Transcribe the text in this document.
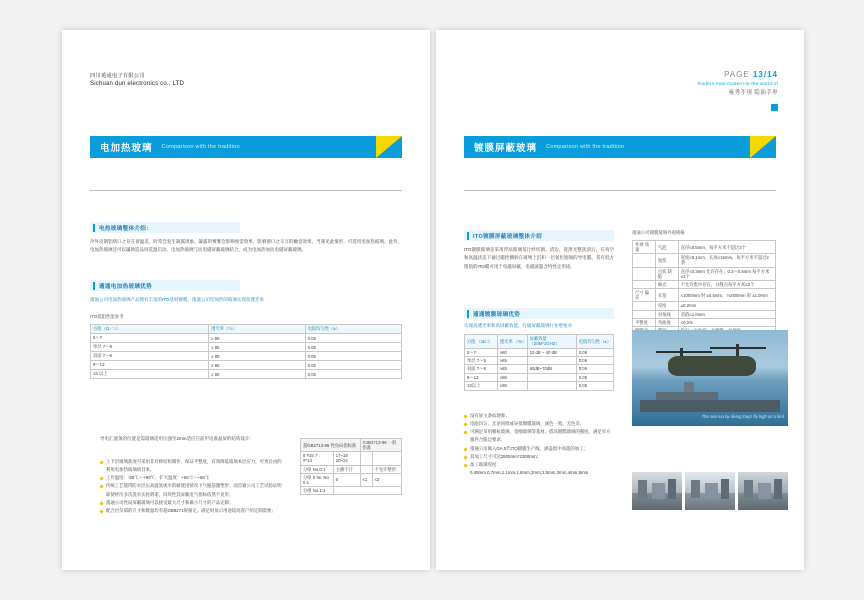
四川遁通电子有限公司
Sichuan dun electronics co., LTD
电加热玻璃 Comparison with the tradition
电热玻璃整体介绍：
冷外皮钢铝熔口之存在着温差，时常会发生凝露现象。凝露的雾雾会影响视觉效果，影响窗口之交互的触觉效果，当遇见此情形，可选用电加热玻璃。此外，电加热玻璃还可以辅助造品屏花温启动。电加热玻璃与抗电磁屏蔽玻璃结合，成为电加热加抗电磁屏蔽玻璃。
遁通电加热玻璃优势
遁通公司电加热玻璃产品拥有丰富的ITO基材镀膜。遁通公司电加热的玻璃实现高透光率
ITO低阻性能参考
方阻（Ω／□）	透光率（％）	电阻均匀性（±）
5～7	≥ 85	0.05
单层 7～9	≥ 85	0.05
双面 7～9	≥ 85	0.05
9～13	≥ 86	0.05
13 以上	≥ 86	0.05
导电汇流条的位置是需玻璃适用压强至2mm适应目前甲边准晶屏的结构设计：
上下层玻璃准度可采用非对称结构制作，保证平整度，有效降低玻璃本层应力，可更自由的利用电加热玻璃项目率。
工作温度：-55℃～+90℃；扩大温度：+55℃～+90℃
传统工艺使得防水层压高温度或水的耐使用情况下气瓶前题塑形；而首通公司工艺试验证明即使经历多次洗水实验谐诺，同块性其屏蔽电气指标依然不显形；
遁通公司性局屏蔽玻璃可以接受最大尺寸和做小尺寸的产品定制；
配合层杂部的尺寸和数量均有超GB8271规相定。满足时显示用途较高客户的定制需要；
超GB2713-96 性角局指标准		GJB2713-96 一般指准	
8 #15 7 ．#*13	17~19 20~24		
分组 No.0:1	主播不计		不允许整形
分组 0 №: No 0.1	0	≤1	≤2
分组 No.1:3			
PAGE 13/14
modern-mas-modern-in-the-world-of
雍秀不现 隐油手形
镀膜屏蔽玻璃 Comparison with the tradition
ITO镀膜屏蔽玻璃整体介绍
ITO镀膜玻璃是采用浮法玻璃基片经切割、清边、洗涤光整洗清后，在真空和高温状态下通过磁控溅射在玻璃上沉积一层氧化铟锡的导电膜。其有低方阻值的ITO膜可用于电磁屏蔽，电磁波隐含特性定用途。
遁通公司镀膜玻璃外观规格
外观 质量	气泡	直径≤0.5mm，每平方米不超过3个
	划伤	宽度≤0.1mm，长度≤15mm，每平方米不超过2条
	点状 缺陷	直径≤0.3mm 允许存在；0.3～0.5mm 每平方米≤2个
	麻点	不允许集中存在，分散点每平方米≤3个
尺寸 偏差	长宽	≤1000mm 时 ±0.5mm；>1000mm 时 ±1.0mm
	厚度	±0.2mm
	对角线	差值≤1.0mm
平整度	弯曲度	≤0.2%

遁通镀膜玻璃优势
实现高透光率和高屏蔽效能，打破屏蔽玻璃行业壁垒对
方阻 （Ω/□）	透光率 （%）	屏蔽效能 （20M*1GHZ）	电阻均匀性（±）
5～7	≥80	10 dB ~ 40 dB	0.05
单层 7～9	≥85		0.05
双面 7～9	≥85	60dB~70dB	0.05
9～13	≥86		0.05
13以上	≥86		0.05
没有屏主条纹现象；
电阻均匀、无论同批或异批镀膜玻璃，颜色一致，无色差；
可满足采用朝杭玻璃、金刚玻璃等基材、搭高镀膜玻璃的强度，满足军方服件合版边要求；
遁通公司做入GA 5代ITO镀膜生产线，涵盖低中高阻的加工；
其加工尺寸可达2500mm*2300mm；
加工玻璃厚度：0.45mm,0.7mm,1.1mm,1.8mm,2mm,2.5mm,3mm,4mm,5mm
The sea run by diving Days fly high as a bird
